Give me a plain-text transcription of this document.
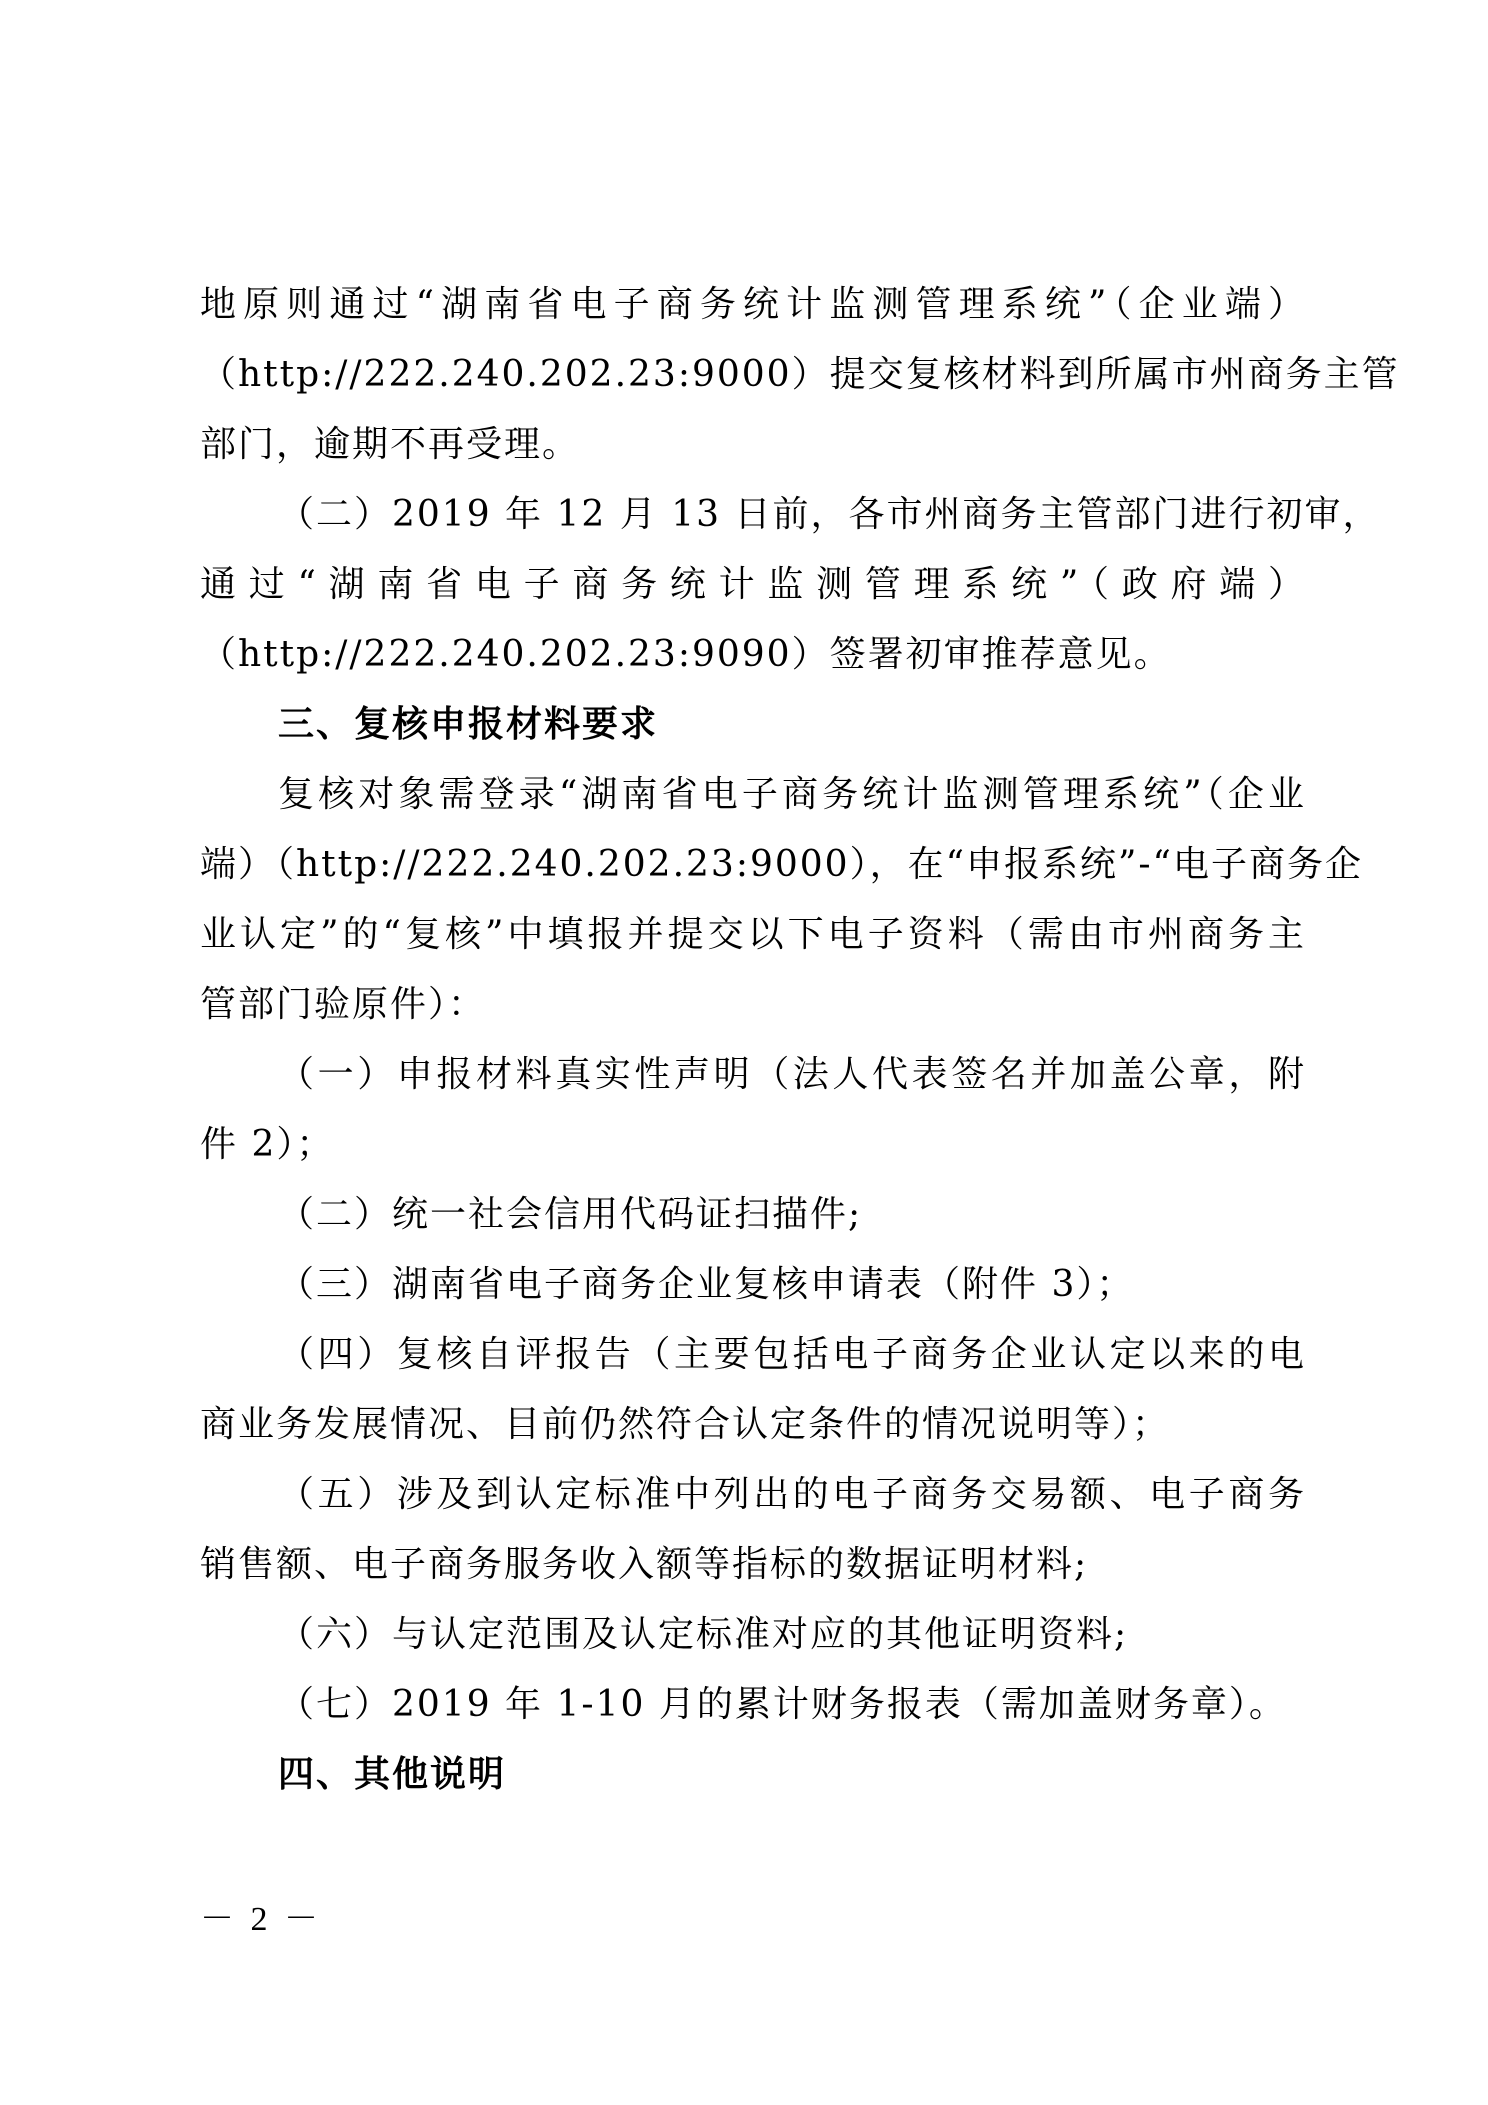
地原则通过“湖南省电子商务统计监测管理系统”（企业端）

（http://222.240.202.23:9000）提交复核材料到所属市州商务主管

部门，逾期不再受理。

（二）2019 年 12 月 13 日前，各市州商务主管部门进行初审，

通过“湖南省电子商务统计监测管理系统”（政府端）

（http://222.240.202.23:9090）签署初审推荐意见。

三、复核申报材料要求

复核对象需登录“湖南省电子商务统计监测管理系统”（企业

端）（http://222.240.202.23:9000），在“申报系统”-“电子商务企

业认定”的“复核”中填报并提交以下电子资料（需由市州商务主

管部门验原件）：

（一）申报材料真实性声明（法人代表签名并加盖公章，附

件 2）；

（二）统一社会信用代码证扫描件;

（三）湖南省电子商务企业复核申请表（附件 3）；

（四）复核自评报告（主要包括电子商务企业认定以来的电

商业务发展情况、目前仍然符合认定条件的情况说明等）；

（五）涉及到认定标准中列出的电子商务交易额、电子商务

销售额、电子商务服务收入额等指标的数据证明材料;

（六）与认定范围及认定标准对应的其他证明资料;

（七）2019 年 1-10 月的累计财务报表（需加盖财务章）。

四、其他说明

－ 2 －
